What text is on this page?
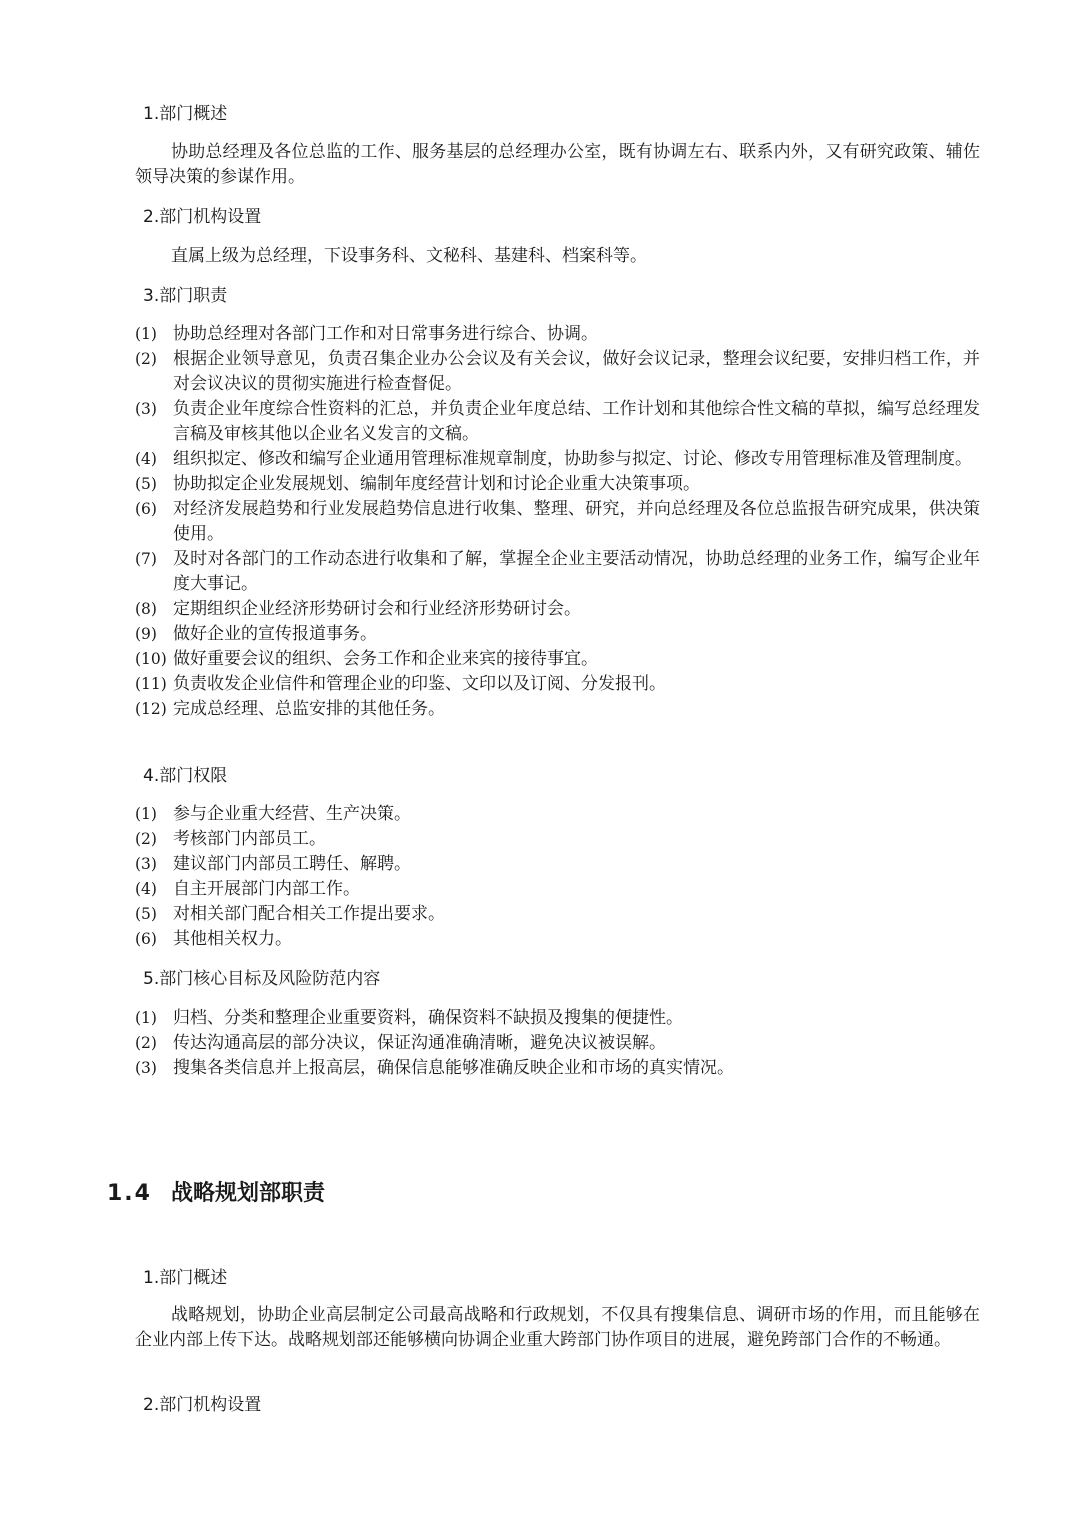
1.部门概述
协助总经理及各位总监的工作、服务基层的总经理办公室，既有协调左右、联系内外，又有研究政策、辅佐领导决策的参谋作用。
2.部门机构设置
直属上级为总经理，下设事务科、文秘科、基建科、档案科等。
3.部门职责
(1) 协助总经理对各部门工作和对日常事务进行综合、协调。
(2) 根据企业领导意见，负责召集企业办公会议及有关会议，做好会议记录，整理会议纪要，安排归档工作，并对会议决议的贯彻实施进行检查督促。
(3) 负责企业年度综合性资料的汇总，并负责企业年度总结、工作计划和其他综合性文稿的草拟，编写总经理发言稿及审核其他以企业名义发言的文稿。
(4) 组织拟定、修改和编写企业通用管理标准规章制度，协助参与拟定、讨论、修改专用管理标准及管理制度。
(5) 协助拟定企业发展规划、编制年度经营计划和讨论企业重大决策事项。
(6) 对经济发展趋势和行业发展趋势信息进行收集、整理、研究，并向总经理及各位总监报告研究成果，供决策使用。
(7) 及时对各部门的工作动态进行收集和了解，掌握全企业主要活动情况，协助总经理的业务工作，编写企业年度大事记。
(8) 定期组织企业经济形势研讨会和行业经济形势研讨会。
(9) 做好企业的宣传报道事务。
(10) 做好重要会议的组织、会务工作和企业来宾的接待事宜。
(11) 负责收发企业信件和管理企业的印鉴、文印以及订阅、分发报刊。
(12) 完成总经理、总监安排的其他任务。
4.部门权限
(1) 参与企业重大经营、生产决策。
(2) 考核部门内部员工。
(3) 建议部门内部员工聘任、解聘。
(4) 自主开展部门内部工作。
(5) 对相关部门配合相关工作提出要求。
(6) 其他相关权力。
5.部门核心目标及风险防范内容
(1) 归档、分类和整理企业重要资料，确保资料不缺损及搜集的便捷性。
(2) 传达沟通高层的部分决议，保证沟通准确清晰，避免决议被误解。
(3) 搜集各类信息并上报高层，确保信息能够准确反映企业和市场的真实情况。
1.4 战略规划部职责
1.部门概述
战略规划，协助企业高层制定公司最高战略和行政规划，不仅具有搜集信息、调研市场的作用，而且能够在企业内部上传下达。战略规划部还能够横向协调企业重大跨部门协作项目的进展，避免跨部门合作的不畅通。
2.部门机构设置
